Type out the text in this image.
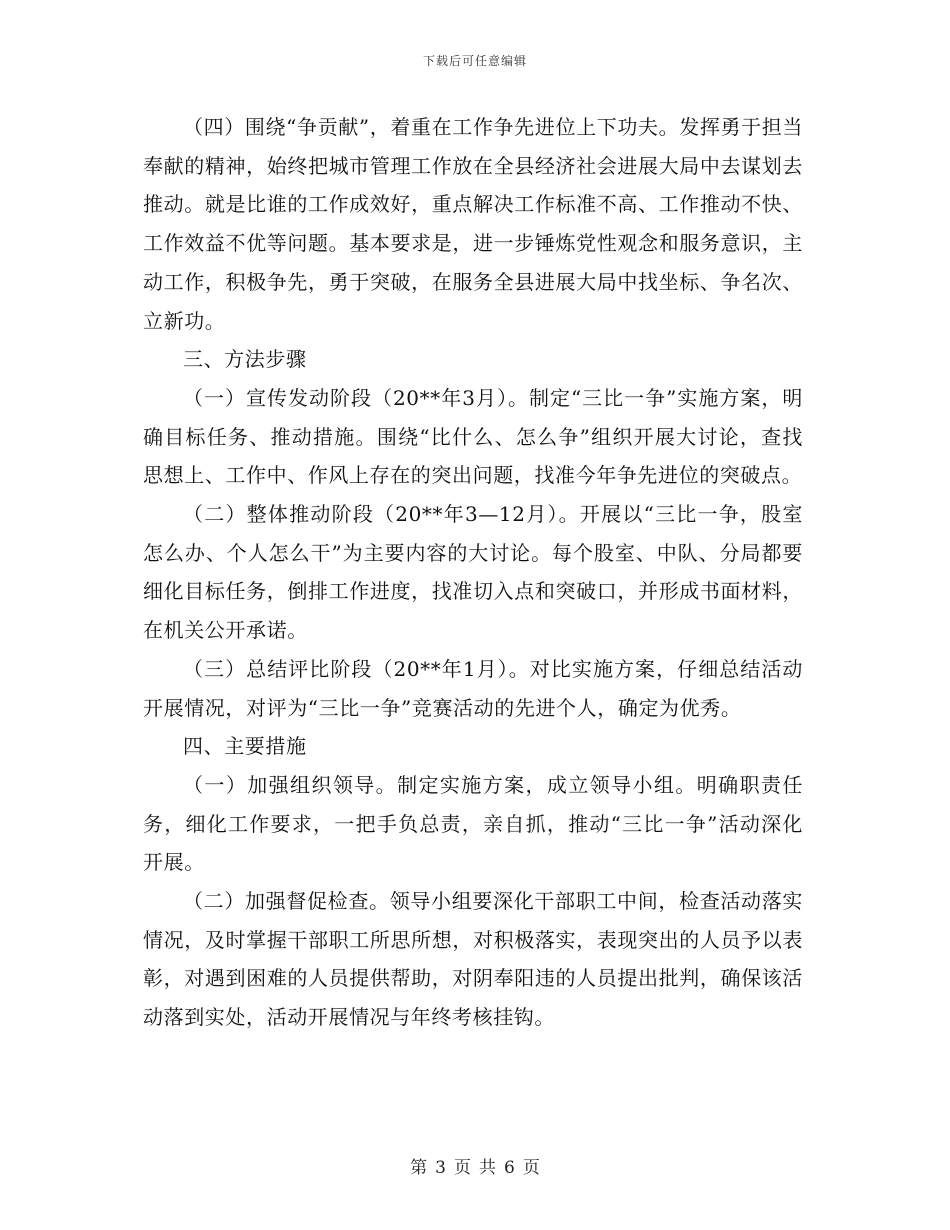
下载后可任意编辑

（四）围绕“争贡献”，着重在工作争先进位上下功夫。发挥勇于担当奉献的精神，始终把城市管理工作放在全县经济社会进展大局中去谋划去推动。就是比谁的工作成效好，重点解决工作标准不高、工作推动不快、工作效益不优等问题。基本要求是，进一步锤炼党性观念和服务意识，主动工作，积极争先，勇于突破，在服务全县进展大局中找坐标、争名次、立新功。

三、方法步骤

（一）宣传发动阶段（20**年3月）。制定“三比一争”实施方案，明确目标任务、推动措施。围绕“比什么、怎么争”组织开展大讨论，查找思想上、工作中、作风上存在的突出问题，找准今年争先进位的突破点。

（二）整体推动阶段（20**年3—12月）。开展以“三比一争，股室怎么办、个人怎么干”为主要内容的大讨论。每个股室、中队、分局都要细化目标任务，倒排工作进度，找准切入点和突破口，并形成书面材料，在机关公开承诺。

（三）总结评比阶段（20**年1月）。对比实施方案，仔细总结活动开展情况，对评为“三比一争”竞赛活动的先进个人，确定为优秀。

四、主要措施

（一）加强组织领导。制定实施方案，成立领导小组。明确职责任务，细化工作要求，一把手负总责，亲自抓，推动“三比一争”活动深化开展。

（二）加强督促检查。领导小组要深化干部职工中间，检查活动落实情况，及时掌握干部职工所思所想，对积极落实，表现突出的人员予以表彰，对遇到困难的人员提供帮助，对阴奉阳违的人员提出批判，确保该活动落到实处，活动开展情况与年终考核挂钩。

第 3 页 共 6 页
